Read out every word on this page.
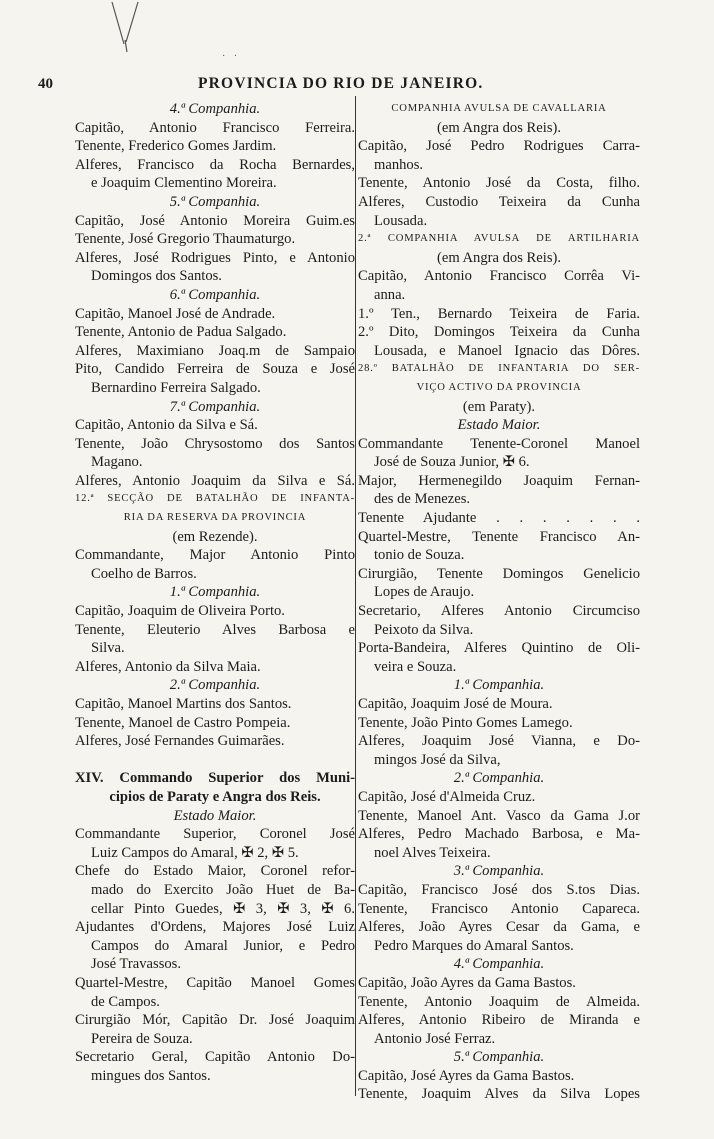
· ·
40	PROVINCIA DO RIO DE JANEIRO.
4.ª Companhia.
Capitão, Antonio Francisco Ferreira.
Tenente, Frederico Gomes Jardim.
Alferes, Francisco da Rocha Bernardes,
e Joaquim Clementino Moreira.
5.ª Companhia.
Capitão, José Antonio Moreira Guim.es
Tenente, José Gregorio Thaumaturgo.
Alferes, José Rodrigues Pinto, e Antonio
Domingos dos Santos.
6.ª Companhia.
Capitão, Manoel José de Andrade.
Tenente, Antonio de Padua Salgado.
Alferes, Maximiano Joaq.m de Sampaio
Pito, Candido Ferreira de Souza e José
Bernardino Ferreira Salgado.
7.ª Companhia.
Capitão, Antonio da Silva e Sá.
Tenente, João Chrysostomo dos Santos
Magano.
Alferes, Antonio Joaquim da Silva e Sá.
12.ª SECÇÃO DE BATALHÃO DE INFANTA-
RIA DA RESERVA DA PROVINCIA
(em Rezende).
Commandante, Major Antonio Pinto
Coelho de Barros.
1.ª Companhia.
Capitão, Joaquim de Oliveira Porto.
Tenente, Eleuterio Alves Barbosa e
Silva.
Alferes, Antonio da Silva Maia.
2.ª Companhia.
Capitão, Manoel Martins dos Santos.
Tenente, Manoel de Castro Pompeia.
Alferes, José Fernandes Guimarães.

XIV. Commando Superior dos Muni-
cipios de Paraty e Angra dos Reis.
Estado Maior.
Commandante Superior, Coronel José
Luiz Campos do Amaral, ✠ 2, ✠ 5.
Chefe do Estado Maior, Coronel refor-
mado do Exercito João Huet de Ba-
cellar Pinto Guedes, ✠ 3, ✠ 3, ✠ 6.
Ajudantes d'Ordens, Majores José Luiz
Campos do Amaral Junior, e Pedro
José Travassos.
Quartel-Mestre, Capitão Manoel Gomes
de Campos.
Cirurgião Mór, Capitão Dr. José Joaquim
Pereira de Souza.
Secretario Geral, Capitão Antonio Do-
mingues dos Santos.
COMPANHIA AVULSA DE CAVALLARIA
(em Angra dos Reis).
Capitão, José Pedro Rodrigues Carra-
manhos.
Tenente, Antonio José da Costa, filho.
Alferes, Custodio Teixeira da Cunha
Lousada.
2.ª COMPANHIA AVULSA DE ARTILHARIA
(em Angra dos Reis).
Capitão, Antonio Francisco Corrêa Vi-
anna.
1.º Ten., Bernardo Teixeira de Faria.
2.º Dito, Domingos Teixeira da Cunha
Lousada, e Manoel Ignacio das Dôres.
28.º BATALHÃO DE INFANTARIA DO SER-
VIÇO ACTIVO DA PROVINCIA
(em Paraty).
Estado Maior.
Commandante Tenente-Coronel Manoel
José de Souza Junior, ✠ 6.
Major, Hermenegildo Joaquim Fernan-
des de Menezes.
Tenente Ajudante . . . . . . .
Quartel-Mestre, Tenente Francisco An-
tonio de Souza.
Cirurgião, Tenente Domingos Genelicio
Lopes de Araujo.
Secretario, Alferes Antonio Circumciso
Peixoto da Silva.
Porta-Bandeira, Alferes Quintino de Oli-
veira e Souza.
1.ª Companhia.
Capitão, Joaquim José de Moura.
Tenente, João Pinto Gomes Lamego.
Alferes, Joaquim José Vianna, e Do-
mingos José da Silva,
2.ª Companhia.
Capitão, José d'Almeida Cruz.
Tenente, Manoel Ant. Vasco da Gama J.or
Alferes, Pedro Machado Barbosa, e Ma-
noel Alves Teixeira.
3.ª Companhia.
Capitão, Francisco José dos S.tos Dias.
Tenente, Francisco Antonio Capareca.
Alferes, João Ayres Cesar da Gama, e
Pedro Marques do Amaral Santos.
4.ª Companhia.
Capitão, João Ayres da Gama Bastos.
Tenente, Antonio Joaquim de Almeida.
Alferes, Antonio Ribeiro de Miranda e
Antonio José Ferraz.
5.ª Companhia.
Capitão, José Ayres da Gama Bastos.
Tenente, Joaquim Alves da Silva Lopes
